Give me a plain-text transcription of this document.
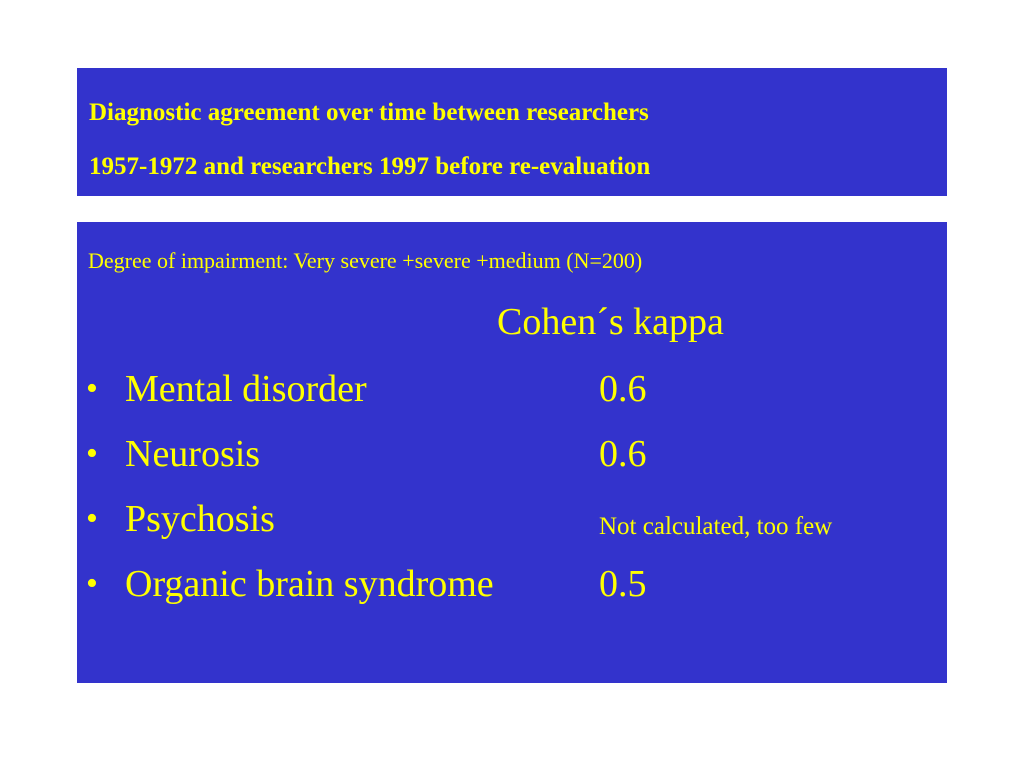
Diagnostic agreement over time between researchers
1957-1972 and researchers 1997 before re-evaluation
Degree of impairment: Very severe +severe +medium (N=200)
Cohen´s kappa
• Mental disorder	0.6
• Neurosis	0.6
• Psychosis	Not calculated, too few
• Organic brain syndrome	0.5
